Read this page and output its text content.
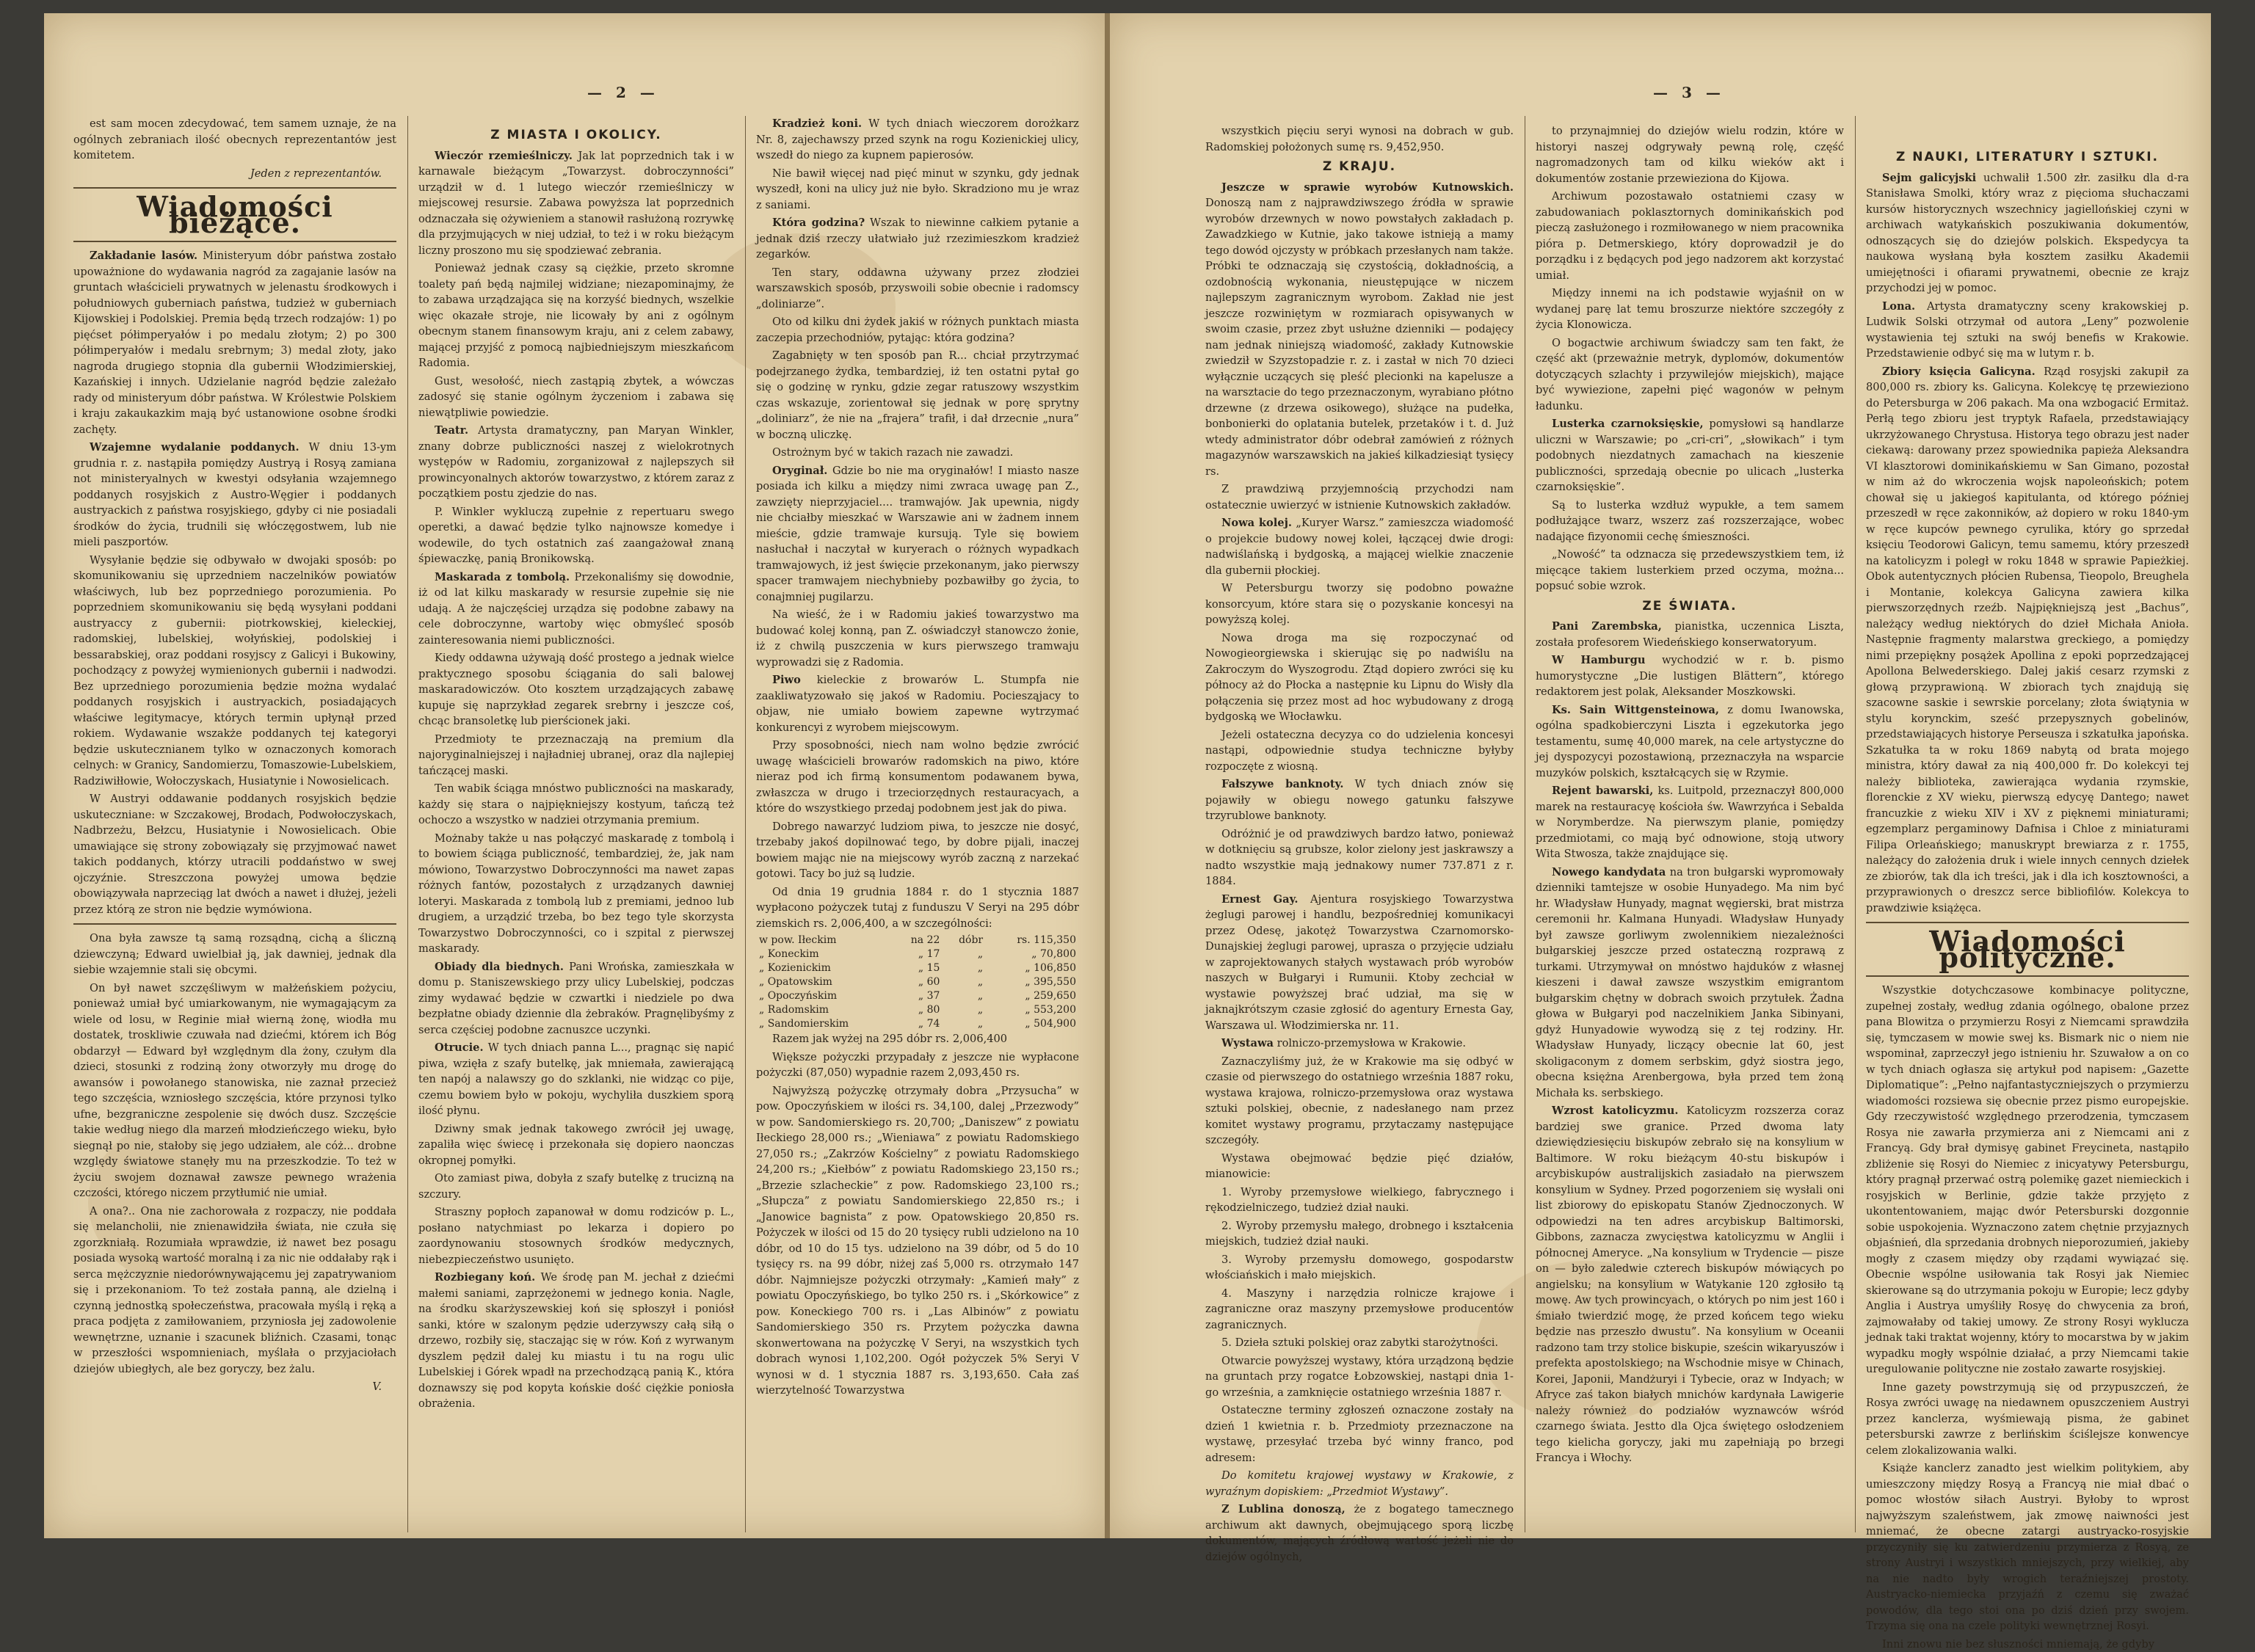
— 2 —

est sam mocen zdecydować, tem samem uznaje, że na ogólnych zebraniach ilość obecnych reprezentantów jest komitetem.

Jeden z reprezentantów.
Wiadomości bieżące.

Zakładanie lasów. Ministeryum dóbr państwa zostało upoważnione do wydawania nagród za zagajanie lasów na gruntach właścicieli prywatnych w jelenastu środkowych i południowych guberniach państwa, tudzież w guberniach Kijowskiej i Podolskiej. Premia będą trzech rodzajów: 1) po pięćset półimperyałów i po medalu złotym; 2) po 300 półimperyałów i medalu srebrnym; 3) medal złoty, jako nagroda drugiego stopnia dla gubernii Włodzimierskiej, Kazańskiej i innych. Udzielanie nagród będzie zależało rady od ministeryum dóbr państwa. W Królestwie Polskiem i kraju zakaukazkim mają być ustanowione osobne środki zachęty.

Wzajemne wydalanie poddanych. W dniu 13-ym grudnia r. z. nastąpiła pomiędzy Austryą i Rosyą zamiana not ministeryalnych w kwestyi odsyłania wzajemnego poddanych rosyjskich z Austro-Węgier i poddanych austryackich z państwa rosyjskiego, gdyby ci nie posiadali środków do życia, trudnili się włóczęgostwem, lub nie mieli paszportów.

Wysyłanie będzie się odbywało w dwojaki sposób: po skomunikowaniu się uprzedniem naczelników powiatów właściwych, lub bez poprzedniego porozumienia. Po poprzedniem skomunikowaniu się będą wysyłani poddani austryaccy z gubernii: piotrkowskiej, kieleckiej, radomskiej, lubelskiej, wołyńskiej, podolskiej i bessarabskiej, oraz poddani rosyjscy z Galicyi i Bukowiny, pochodzący z powyżej wymienionych gubernii i nadwodzi. Bez uprzedniego porozumienia będzie można wydalać poddanych rosyjskich i austryackich, posiadających właściwe legitymacye, których termin upłynął przed rokiem. Wydawanie wszakże poddanych tej kategoryi będzie uskutecznianem tylko w oznaczonych komorach celnych: w Granicy, Sandomierzu, Tomaszowie-Lubelskiem, Radziwiłłowie, Wołoczyskach, Husiatynie i Nowosielicach.

W Austryi oddawanie poddanych rosyjskich będzie uskuteczniane: w Szczakowej, Brodach, Podwołoczyskach, Nadbrzeżu, Bełzcu, Husiatynie i Nowosielicach. Obie umawiające się strony zobowiązały się przyjmować nawet takich poddanych, którzy utracili poddaństwo w swej ojczyźnie. Streszczona powyżej umowa będzie obowiązywała naprzeciąg lat dwóch a nawet i dłużej, jeżeli przez którą ze stron nie będzie wymówiona.

Ona była zawsze tą samą rozsądną, cichą a śliczną dziewczyną; Edward uwielbiał ją, jak dawniej, jednak dla siebie wzajemnie stali się obcymi.

On był nawet szczęśliwym w małżeńskiem pożyciu, ponieważ umiał być umiarkowanym, nie wymagającym za wiele od losu, w Reginie miał wierną żonę, wiodła mu dostatek, troskliwie czuwała nad dziećmi, którem ich Bóg obdarzył — Edward był względnym dla żony, czułym dla dzieci, stosunki z rodziną żony otworzyły mu drogę do awansów i powołanego stanowiska, nie zaznał przecież tego szczęścia, wzniosłego szczęścia, które przynosi tylko ufne, bezgraniczne zespolenie się dwóch dusz. Szczęście takie według niego dla marzeń młodzieńczego wieku, było siegnął po nie, stałoby się jego udziałem, ale cóż... drobne względy światowe stanęły mu na przeszkodzie. To też w życiu swojem doznawał zawsze pewnego wrażenia czczości, którego niczem przytłumić nie umiał.

A ona?.. Ona nie zachorowała z rozpaczy, nie poddała się melancholii, nie znienawidziła świata, nie czuła się zgorzkniałą. Rozumiała wprawdzie, iż nawet bez posagu posiada wysoką wartość moralną i za nic nie oddałaby rąk i serca mężczyznie niedorównywającemu jej zapatrywaniom się i przekonaniom. To też została panną, ale dzielną i czynną jednostką społeczeństwa, pracowała myślą i ręką a praca podjęta z zamiłowaniem, przyniosła jej zadowolenie wewnętrzne, uznanie i szacunek bliźnich. Czasami, tonąc w przeszłości wspomnieniach, myślała o przyjaciołach dziejów ubiegłych, ale bez goryczy, bez żalu.

V.
Z MIASTA I OKOLICY.

Wieczór rzemieślniczy. Jak lat poprzednich tak i w karnawale bieżącym „Towarzyst. dobroczynności” urządził w d. 1 lutego wieczór rzemieślniczy w miejscowej resursie. Zabawa powyższa lat poprzednich odznaczała się ożywieniem a stanowił rasłużoną rozrywkę dla przyjmujących w niej udział, to też i w roku bieżącym liczny proszono mu się spodziewać zebrania.

Ponieważ jednak czasy są ciężkie, przeto skromne toalety pań będą najmilej widziane; niezapominajmy, że to zabawa urządzająca się na korzyść biednych, wszelkie więc okazałe stroje, nie licowały by ani z ogólnym obecnym stanem finansowym kraju, ani z celem zabawy, mającej przyjść z pomocą najbiedniejszym mieszkańcom Radomia.

Gust, wesołość, niech zastąpią zbytek, a wówczas zadosyć się stanie ogólnym życzeniom i zabawa się niewątpliwie powiedzie.

Teatr. Artysta dramatyczny, pan Maryan Winkler, znany dobrze publiczności naszej z wielokrotnych występów w Radomiu, zorganizował z najlepszych sił prowincyonalnych aktorów towarzystwo, z którem zaraz z początkiem postu zjedzie do nas.

P. Winkler wykluczą zupełnie z repertuaru swego operetki, a dawać będzie tylko najnowsze komedye i wodewile, do tych ostatnich zaś zaangażował znaną śpiewaczkę, panią Bronikowską.

Maskarada z tombolą. Przekonaliśmy się dowodnie, iż od lat kilku maskarady w resursie zupełnie się nie udają. A że najczęściej urządza się podobne zabawy na cele dobroczynne, wartoby więc obmyśleć sposób zainteresowania niemi publiczności.

Kiedy oddawna używają dość prostego a jednak wielce praktycznego sposobu ściągania do sali balowej maskaradowiczów. Oto kosztem urządzających zabawę kupuje się naprzykład zegarek srebrny i jeszcze coś, chcąc bransoletkę lub pierścionek jaki.

Przedmioty te przeznaczają na premium dla najoryginalniejszej i najładniej ubranej, oraz dla najlepiej tańczącej maski.

Ten wabik ściąga mnóstwo publiczności na maskarady, każdy się stara o najpiękniejszy kostyum, tańczą też ochoczo a wszystko w nadziei otrzymania premium.

Możnaby także u nas połączyć maskaradę z tombolą i to bowiem ściąga publiczność, tembardziej, że, jak nam mówiono, Towarzystwo Dobroczynności ma nawet zapas różnych fantów, pozostałych z urządzanych dawniej loteryi. Maskarada z tombolą lub z premiami, jednoo lub drugiem, a urządzić trzeba, bo bez tego tyle skorzysta Towarzystwo Dobroczynności, co i szpital z pierwszej maskarady.

Obiady dla biednych. Pani Wrońska, zamieszkała w domu p. Staniszewskiego przy ulicy Lubelskiej, podczas zimy wydawać będzie w czwartki i niedziele po dwa bezpłatne obiady dziennie dla żebraków. Pragnęlibyśmy z serca częściej podobne zacnuszce uczynki.

Otrucie. W tych dniach panna L..., pragnąc się napić piwa, wzięła z szafy butelkę, jak mniemała, zawierającą ten napój a nalawszy go do szklanki, nie widząc co pije, czemu bowiem było w pokoju, wychyliła duszkiem sporą ilość płynu.

Dziwny smak jednak takowego zwrócił jej uwagę, zapaliła więc świecę i przekonała się dopiero naonczas okropnej pomyłki.

Oto zamiast piwa, dobyła z szafy butelkę z trucizną na szczury.

Straszny popłoch zapanował w domu rodziców p. L., posłano natychmiast po lekarza i dopiero po zaordynowaniu stosownych środków medycznych, niebezpieczeństwo usunięto.

Rozbiegany koń. We środę pan M. jechał z dziećmi małemi saniami, zaprzężonemi w jednego konia. Nagle, na środku skarżyszewskiej koń się spłoszył i poniósł sanki, które w szalonym pędzie uderzywszy całą siłą o drzewo, rozbiły się, staczając się w rów. Koń z wyrwanym dyszlem pędził dalej ku miastu i tu na rogu ulic Lubelskiej i Górek wpadł na przechodzącą panią K., która doznawszy się pod kopyta końskie dość ciężkie poniosła obrażenia.

Kradzież koni. W tych dniach wieczorem dorożkarz Nr. 8, zajechawszy przed szynk na rogu Kozienickiej ulicy, wszedł do niego za kupnem papierosów.

Nie bawił więcej nad pięć minut w szynku, gdy jednak wyszedł, koni na ulicy już nie było. Skradziono mu je wraz z saniami.

Która godzina? Wszak to niewinne całkiem pytanie a jednak dziś rzeczy ułatwiało już rzezimieszkom kradzież zegarków.

Ten stary, oddawna używany przez złodziei warszawskich sposób, przyswoili sobie obecnie i radomscy „doliniarze”.

Oto od kilku dni żydek jakiś w różnych punktach miasta zaczepia przechodniów, pytając: która godzina?

Zagabnięty w ten sposób pan R... chciał przytrzymać podejrzanego żydka, tembardziej, iż ten ostatni pytał go się o godzinę w rynku, gdzie zegar ratuszowy wszystkim czas wskazuje, zorientował się jednak w porę sprytny „doliniarz”, że nie na „frajera” trafił, i dał drzecnie „nura” w boczną uliczkę.

Ostrożnym być w takich razach nie zawadzi.

Oryginał. Gdzie bo nie ma oryginałów! I miasto nasze posiada ich kilku a między nimi zwraca uwagę pan Z., zawzięty nieprzyjaciel.... tramwajów. Jak upewnia, nigdy nie chciałby mieszkać w Warszawie ani w żadnem innem mieście, gdzie tramwaje kursują. Tyle się bowiem nasłuchał i naczytał w kuryerach o różnych wypadkach tramwajowych, iż jest święcie przekonanym, jako pierwszy spacer tramwajem niechybnieby pozbawiłby go życia, to conajmniej pugilarzu.

Na wieść, że i w Radomiu jakieś towarzystwo ma budować kolej konną, pan Z. oświadczył stanowczo żonie, iż z chwilą puszczenia w kurs pierwszego tramwaju wyprowadzi się z Radomia.

Piwo kieleckie z browarów L. Stumpfa nie zaakliwatyzowało się jakoś w Radomiu. Pociesząjacy to objaw, nie umiało bowiem zapewne wytrzymać konkurencyi z wyrobem miejscowym.

Przy sposobności, niech nam wolno będzie zwrócić uwagę właścicieli browarów radomskich na piwo, które nieraz pod ich firmą konsumentom podawanem bywa, zwłaszcza w drugo i trzeciorzędnych restauracyach, a które do wszystkiego przedaj podobnem jest jak do piwa.

Dobrego nawarzyć ludziom piwa, to jeszcze nie dosyć, trzebaby jakoś dopilnować tego, by dobre pijali, inaczej bowiem mając nie na miejscowy wyrób zaczną z narzekać gotowi. Tacy bo już są ludzie.

Od dnia 19 grudnia 1884 r. do 1 stycznia 1887 wypłacono pożyczek tutaj z funduszu V Seryi na 295 dóbr ziemskich rs. 2,006,400, a w szczególności:

w pow. Iłeckim	na 22	dóbr	rs. 115,350
„ Koneckim	„ 17	„	„ 70,800
„ Kozienickim	„ 15	„	„ 106,850
„ Opatowskim	„ 60	„	„ 395,550
„ Opoczyńskim	„ 37	„	„ 259,650
„ Radomskim	„ 80	„	„ 553,200
„ Sandomierskim	„ 74	„	„ 504,900

Razem jak wyżej na 295 dóbr rs. 2,006,400

Większe pożyczki przypadały z jeszcze nie wypłacone pożyczki (87,050) wypadnie razem 2,093,450 rs.

Najwyższą pożyczkę otrzymały dobra „Przysucha” w pow. Opoczyńskiem w ilości rs. 34,100, dalej „Przezwody” w pow. Sandomierskiego rs. 20,700; „Daniszew” z powiatu Iłeckiego 28,000 rs.; „Wieniawa” z powiatu Radomskiego 27,050 rs.; „Zakrzów Kościelny” z powiatu Radomskiego 24,200 rs.; „Kiełbów” z powiatu Radomskiego 23,150 rs.; „Brzezie szlacheckie” z pow. Radomskiego 23,100 rs.; „Słupcza” z powiatu Sandomierskiego 22,850 rs.; i „Janowice bagnista” z pow. Opatowskiego 20,850 rs. Pożyczek w ilości od 15 do 20 tysięcy rubli udzielono na 10 dóbr, od 10 do 15 tys. udzielono na 39 dóbr, od 5 do 10 tysięcy rs. na 99 dóbr, niżej zaś 5,000 rs. otrzymało 147 dóbr. Najmniejsze pożyczki otrzymały: „Kamień mały” z powiatu Opoczyńskiego, bo tylko 250 rs. i „Skórkowice” z pow. Koneckiego 700 rs. i „Las Albinów” z powiatu Sandomierskiego 350 rs. Przytem pożyczka dawna skonwertowana na pożyczkę V Seryi, na wszystkich tych dobrach wynosi 1,102,200. Ogół pożyczek 5% Seryi V wynosi w d. 1 stycznia 1887 rs. 3,193,650. Cała zaś wierzytelność Towarzystwa

— 3 —

wszystkich pięciu seryi wynosi na dobrach w gub. Radomskiej położonych sumę rs. 9,452,950.

Z KRAJU.

Jeszcze w sprawie wyrobów Kutnowskich. Donoszą nam z najprawdziwszego źródła w sprawie wyrobów drzewnych w nowo powstałych zakładach p. Zawadzkiego w Kutnie, jako takowe istnieją a mamy tego dowód ojczysty w próbkach przesłanych nam także. Próbki te odznaczają się czystością, dokładnością, a ozdobnością wykonania, nieustępujące w niczem najlepszym zagranicznym wyrobom. Zakład nie jest jeszcze rozwiniętym w rozmiarach opisywanych w swoim czasie, przez zbyt usłużne dzienniki — podajęcy nam jednak niniejszą wiadomość, zakłady Kutnowskie zwiedził w Szyzstopadzie r. z. i zastał w nich 70 dzieci wyłącznie uczących się pleść plecionki na kapelusze a na warsztacie do tego przeznaczonym, wyrabiano płótno drzewne (z drzewa osikowego), służące na pudełka, bonbonierki do oplatania butelek, przetaków i t. d. Już wtedy administrator dóbr odebrał zamówień z różnych magazynów warszawskich na jakieś kilkadziesiąt tysięcy rs.

Z prawdziwą przyjemnością przychodzi nam ostatecznie uwierzyć w istnienie Kutnowskich zakładów.

Nowa kolej. „Kuryer Warsz.” zamieszcza wiadomość o projekcie budowy nowej kolei, łączącej dwie drogi: nadwiślańską i bydgoską, a mającej wielkie znaczenie dla gubernii płockiej.

W Petersburgu tworzy się podobno poważne konsorcyum, które stara się o pozyskanie koncesyi na powyższą kolej.

Nowa droga ma się rozpoczynać od Nowogieorgiewska i skierując się po nadwiślu na Zakroczym do Wyszogrodu. Ztąd dopiero zwróci się ku północy aż do Płocka a następnie ku Lipnu do Wisły dla połączenia się przez most ad hoc wybudowany z drogą bydgoską we Włocławku.

Jeżeli ostateczna decyzya co do udzielenia koncesyi nastąpi, odpowiednie studya techniczne byłyby rozpoczęte z wiosną.

Fałszywe banknoty. W tych dniach znów się pojawiły w obiegu nowego gatunku fałszywe trzyrublowe banknoty.

Odróżnić je od prawdziwych bardzo łatwo, ponieważ w dotknięciu są grubsze, kolor zielony jest jaskrawszy a nadto wszystkie mają jednakowy numer 737.871 z r. 1884.

Ernest Gay. Ajentura rosyjskiego Towarzystwa żeglugi parowej i handlu, bezpośredniej komunikacyi przez Odesę, jakotęż Towarzystwa Czarnomorsko-Dunajskiej żeglugi parowej, uprasza o przyjęcie udziału w zaprojektowanych stałych wystawach prób wyrobów naszych w Bułgaryi i Rumunii. Ktoby zechciał w wystawie powyższej brać udział, ma się w jaknajkrótszym czasie zgłosić do agentury Ernesta Gay, Warszawa ul. Włodzimierska nr. 11.

Wystawa rolniczo-przemysłowa w Krakowie.

Zaznaczyliśmy już, że w Krakowie ma się odbyć w czasie od pierwszego do ostatniego września 1887 roku, wystawa krajowa, rolniczo-przemysłowa oraz wystawa sztuki polskiej, obecnie, z nadesłanego nam przez komitet wystawy programu, przytaczamy następujące szczegóły.

Wystawa obejmować będzie pięć działów, mianowicie:

1. Wyroby przemysłowe wielkiego, fabrycznego i rękodzielniczego, tudzież dział nauki.

2. Wyroby przemysłu małego, drobnego i kształcenia miejskich, tudzież dział nauki.

3. Wyroby przemysłu domowego, gospodarstw włościańskich i mało miejskich.

4. Maszyny i narzędzia rolnicze krajowe i zagraniczne oraz maszyny przemysłowe producentów zagranicznych.

5. Dzieła sztuki polskiej oraz zabytki starożytności.

Otwarcie powyższej wystawy, która urządzoną będzie na gruntach przy rogatce Łobzowskiej, nastąpi dnia 1-go września, a zamknięcie ostatniego września 1887 r.

Ostateczne terminy zgłoszeń oznaczone zostały na dzień 1 kwietnia r. b. Przedmioty przeznaczone na wystawę, przesyłać trzeba być winny franco, pod adresem:

Do komitetu krajowej wystawy w Krakowie, z wyraźnym dopiskiem: „Przedmiot Wystawy”.

Z Lublina donoszą, że z bogatego tamecznego archiwum akt dawnych, obejmującego sporą liczbę dokumentów, mających źródłową wartość jeżeli nie do dziejów ogólnych,

to przynajmniej do dziejów wielu rodzin, które w historyi naszej odgrywały pewną rolę, część nagromadzonych tam od kilku wieków akt i dokumentów zostanie przewieziona do Kijowa.

Archiwum pozostawało ostatniemi czasy w zabudowaniach poklasztornych dominikańskich pod pieczą zasłużonego i rozmiłowanego w niem pracownika pióra p. Detmerskiego, który doprowadził je do porządku i z będących pod jego nadzorem akt korzystać umiał.

Między innemi na ich podstawie wyjaśnił on w wydanej parę lat temu broszurze niektóre szczegóły z życia Klonowicza.

O bogactwie archiwum świadczy sam ten fakt, że część akt (przeważnie metryk, dyplomów, dokumentów dotyczących szlachty i przywilejów miejskich), mające być wywiezione, zapełni pięć wagonów w pełnym ładunku.

Lusterka czarnoksięskie, pomysłowi są handlarze uliczni w Warszawie; po „cri-cri”, „słowikach” i tym podobnych niezdatnych zamachach na kieszenie publiczności, sprzedają obecnie po ulicach „lusterka czarnoksięskie”.

Są to lusterka wzdłuż wypukłe, a tem samem podłużające twarz, wszerz zaś rozszerzające, wobec nadające fizyonomii cechę śmieszności.

„Nowość” ta odznacza się przedewszystkiem tem, iż mięcące takiem lusterkiem przed oczyma, można... popsuć sobie wzrok.

ZE ŚWIATA.

Pani Zarembska, pianistka, uczennica Liszta, została profesorem Wiedeńskiego konserwatoryum.

W Hamburgu wychodzić w r. b. pismo humorystyczne „Die lustigen Blättern”, którego redaktorem jest polak, Aleksander Moszkowski.

Ks. Sain Wittgensteinowa, z domu Iwanowska, ogólna spadkobierczyni Liszta i egzekutorka jego testamentu, sumę 40,000 marek, na cele artystyczne do jej dyspozycyi pozostawioną, przeznaczyła na wsparcie muzyków polskich, kształcących się w Rzymie.

Rejent bawarski, ks. Luitpold, przeznaczył 800,000 marek na restauracyę kościoła św. Wawrzyńca i Sebalda w Norymberdze. Na pierwszym planie, pomiędzy przedmiotami, co mają być odnowione, stoją utwory Wita Stwosza, także znajdujące się.

Nowego kandydata na tron bułgarski wypromowały dzienniki tamtejsze w osobie Hunyadego. Ma nim być hr. Władysław Hunyady, magnat węgierski, brat mistrza ceremonii hr. Kalmana Hunyadi. Władysław Hunyady był zawsze gorliwym zwolennikiem niezależności bułgarskiej jeszcze przed ostateczną rozprawą z turkami. Utrzymywał on mnóstwo hajduków z własnej kieszeni i dawał zawsze wszystkim emigrantom bułgarskim chętny w dobrach swoich przytułek. Żadna głowa w Bułgaryi pod naczelnikiem Janka Sibinyani, gdyż Hunyadowie wywodzą się z tej rodziny. Hr. Władysław Hunyady, liczący obecnie lat 60, jest skoligaconym z domem serbskim, gdyż siostra jego, obecna księżna Arenbergowa, była przed tem żoną Michała ks. serbskiego.

Wzrost katolicyzmu. Katolicyzm rozszerza coraz bardziej swe granice. Przed dwoma laty dziewiędziesięciu biskupów zebrało się na konsylium w Baltimore. W roku bieżącym 40-stu biskupów i arcybiskupów australijskich zasiadało na pierwszem konsylium w Sydney. Przed pogorzeniem się wysłali oni list zbiorowy do episkopatu Stanów Zjednoczonych. W odpowiedzi na ten adres arcybiskup Baltimorski, Gibbons, zaznacza zwycięstwa katolicyzmu w Anglii i północnej Ameryce. „Na konsylium w Trydencie — pisze on — było zaledwie czterech biskupów mówiących po angielsku; na konsylium w Watykanie 120 zgłosiło tą mowę. Aw tych prowincyach, o których po nim jest 160 i śmiało twierdzić mogę, że przed końcem tego wieku będzie nas przeszło dwustu”. Na konsylium w Oceanii radzono tam trzy stolice biskupie, sześcin wikaryuszów i prefekta apostolskiego; na Wschodnie misye w Chinach, Korei, Japonii, Mandżuryi i Tybecie, oraz w Indyach; w Afryce zaś takon białych mnichów kardynała Lawigerie należy również do podziałów wyznawców wśród czarnego świata. Jestto dla Ojca świętego osłodzeniem tego kielicha goryczy, jaki mu zapełniają po brzegi Francya i Włochy.

Z NAUKI, LITERATURY I SZTUKI.

Sejm galicyjski uchwalił 1.500 złr. zasiłku dla d-ra Stanisława Smolki, który wraz z pięcioma słuchaczami kursów historycznych wszechnicy jagiellońskiej czyni w archiwach watykańskich poszukiwania dokumentów, odnoszących się do dziejów polskich. Ekspedycya ta naukowa wysłaną była kosztem zasiłku Akademii umiejętności i ofiarami prywatnemi, obecnie ze krajz przychodzi jej w pomoc.

Lona. Artysta dramatyczny sceny krakowskiej p. Ludwik Solski otrzymał od autora „Leny” pozwolenie wystawienia tej sztuki na swój benefis w Krakowie. Przedstawienie odbyć się ma w lutym r. b.

Zbiory księcia Galicyna. Rząd rosyjski zakupił za 800,000 rs. zbiory ks. Galicyna. Kolekcyę tę przewieziono do Petersburga w 206 pakach. Ma ona wzbogacić Ermitaż. Perłą tego zbioru jest tryptyk Rafaela, przedstawiający ukrzyżowanego Chrystusa. Historya tego obrazu jest nader ciekawą: darowany przez spowiednika papieża Aleksandra VI klasztorowi dominikańskiemu w San Gimano, pozostał w nim aż do wkroczenia wojsk napoleońskich; potem chował się u jakiegoś kapitulanta, od którego później przeszedł w ręce zakonników, aż dopiero w roku 1840-ym w ręce kupców pewnego cyrulika, który go sprzedał księciu Teodorowi Galicyn, temu samemu, który przeszedł na katolicyzm i poległ w roku 1848 w sprawie Papieżkiej. Obok autentycznych płócien Rubensa, Tieopolo, Breughela i Montanie, kolekcya Galicyna zawiera kilka pierwszorzędnych rzeźb. Najpiękniejszą jest „Bachus”, należący według niektórych do dzieł Michała Anioła. Następnie fragmenty malarstwa greckiego, a pomiędzy nimi przepiękny posążek Apollina z epoki poprzedzającej Apollona Belwederskiego. Dalej jakiś cesarz rzymski z głową przyprawioną. W zbiorach tych znajdują się szacowne saskie i sewrskie porcelany; złota świątynia w stylu korynckim, sześć przepysznych gobelinów, przedstawiających historye Perseusza i szkatułka japońska. Szkatułka ta w roku 1869 nabytą od brata mojego ministra, który dawał za nią 400,000 fr. Do kolekcyi tej należy biblioteka, zawierająca wydania rzymskie, florenckie z XV wieku, pierwszą edycyę Dantego; nawet francuzkie z wieku XIV i XV z pięknemi miniaturami; egzemplarz pergaminowy Dafnisa i Chloe z miniaturami Filipa Orleańskiego; manuskrypt brewiarza z r. 1755, należący do założenia druk i wiele innych cennych dziełek ze zbiorów, tak dla ich treści, jak i dla ich kosztowności, a przyprawionych o dreszcz serce bibliofilów. Kolekcya to prawdziwie książęca.

Wiadomości polityczne.

Wszystkie dotychczasowe kombinacye polityczne, zupełnej zostały, według zdania ogólnego, obalone przez pana Blowitza o przymierzu Rosyi z Niemcami sprawdziła się, tymczasem w mowie swej ks. Bismark nic o niem nie wspominał, zaprzeczył jego istnieniu hr. Szuwałow a on co w tych dniach ogłasza się artykuł pod napisem: „Gazette Diplomatique”: „Pełno najfantastyczniejszych o przymierzu wiadomości rozsiewa się obecnie przez pismo europejskie. Gdy rzeczywistość względnego przerodzenia, tymczasem Rosya nie zawarła przymierza ani z Niemcami ani z Francyą. Gdy brał dymisyę gabinet Freycineta, nastąpiło zbliżenie się Rosyi do Niemiec z inicyatywy Petersburgu, który pragnął przerwać ostrą polemikę gazet niemieckich i rosyjskich w Berlinie, gdzie także przyjęto z ukontentowaniem, mając dwór Petersburski dozgonnie sobie uspokojenia. Wyznaczono zatem chętnie przyjaznych objaśnień, dla sprzedania drobnych nieporozumień, jakieby mogły z czasem między oby rządami wywiązać się. Obecnie wspólne usiłowania tak Rosyi jak Niemiec skierowane są do utrzymania pokoju w Europie; lecz gdyby Anglia i Austrya umyśliły Rosyę do chwycenia za broń, zajmowałaby od takiej umowy. Ze strony Rosyi wyklucza jednak taki traktat wojenny, który to mocarstwa by w jakim wypadku mogły wspólnie działać, a przy Niemcami takie uregulowanie polityczne nie zostało zawarte rosyjskiej.

Inne gazety powstrzymują się od przypuszczeń, że Rosya zwróci uwagę na niedawnem opuszczeniem Austryi przez kanclerza, wyśmiewają pisma, że gabinet petersburski zawrze z berlińskim ściślejsze konwencye celem zlokalizowania walki.

Książe kanclerz zanadto jest wielkim politykiem, aby umieszczony między Rosyą a Francyą nie miał dbać o pomoc włostów siłach Austryi. Byłoby to wprost najwyższym szaleństwem, jak zmowę naiwności jest mniemać, że obecne zatargi austryacko-rosyjskie przyczyniły się ku zatwierdzeniu przymierza z Rosyą, ze strony Austryi i wszystkich mniejszych, przy wielkiej, aby na nie nadto były wrogich teraźniejszej prostoty. Austryacko-niemiecka przyjaźń z czemu się zważać powodów, dla tego stoi ona po dziś dzień przy swojem. Trzyma się ona na czele polityki wewnętrznej Rosyi.

Inni znowu nie bez słuszności mniemają, że gdyby
